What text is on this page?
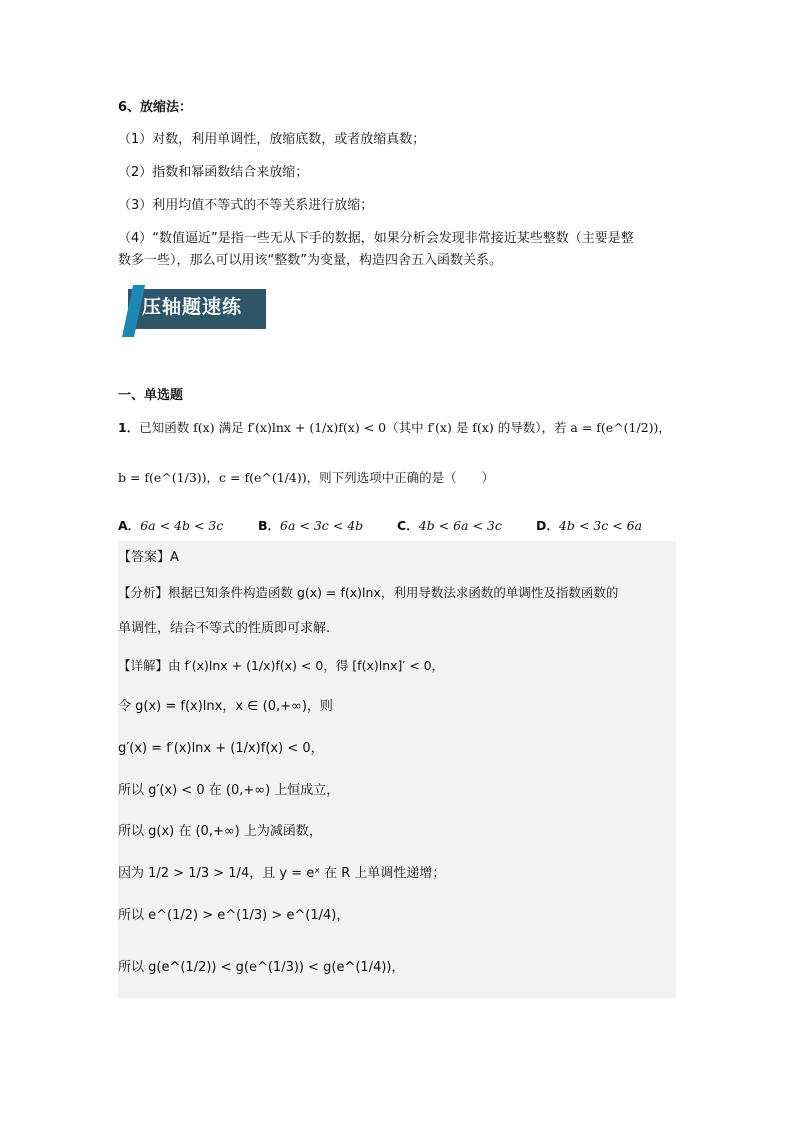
6、放缩法：
（1）对数，利用单调性，放缩底数，或者放缩真数；
（2）指数和幂函数结合来放缩；
（3）利用均值不等式的不等关系进行放缩；
（4）“数值逼近”是指一些无从下手的数据，如果分析会发现非常接近某些整数（主要是整
数多一些），那么可以用该“整数”为变量，构造四舍五入函数关系。
压轴题速练
一、单选题
1．已知函数 f(x) 满足 f′(x)lnx + (1/x)f(x) < 0（其中 f′(x) 是 f(x) 的导数），若 a = f(e^(1/2))，
b = f(e^(1/3))，c = f(e^(1/4))，则下列选项中正确的是（　　）
A．6a < 4b < 3c	B．6a < 3c < 4b	C．4b < 6a < 3c	D．4b < 3c < 6a
【答案】A
【分析】根据已知条件构造函数 g(x) = f(x)lnx，利用导数法求函数的单调性及指数函数的
单调性，结合不等式的性质即可求解.
【详解】由 f′(x)lnx + (1/x)f(x) < 0，得 [f(x)lnx]′ < 0，
令 g(x) = f(x)lnx，x ∈ (0,+∞)，则
g′(x) = f′(x)lnx + (1/x)f(x) < 0，
所以 g′(x) < 0 在 (0,+∞) 上恒成立，
所以 g(x) 在 (0,+∞) 上为减函数，
因为 1/2 > 1/3 > 1/4，且 y = eˣ 在 R 上单调性递增；
所以 e^(1/2) > e^(1/3) > e^(1/4)，
所以 g(e^(1/2)) < g(e^(1/3)) < g(e^(1/4))，
